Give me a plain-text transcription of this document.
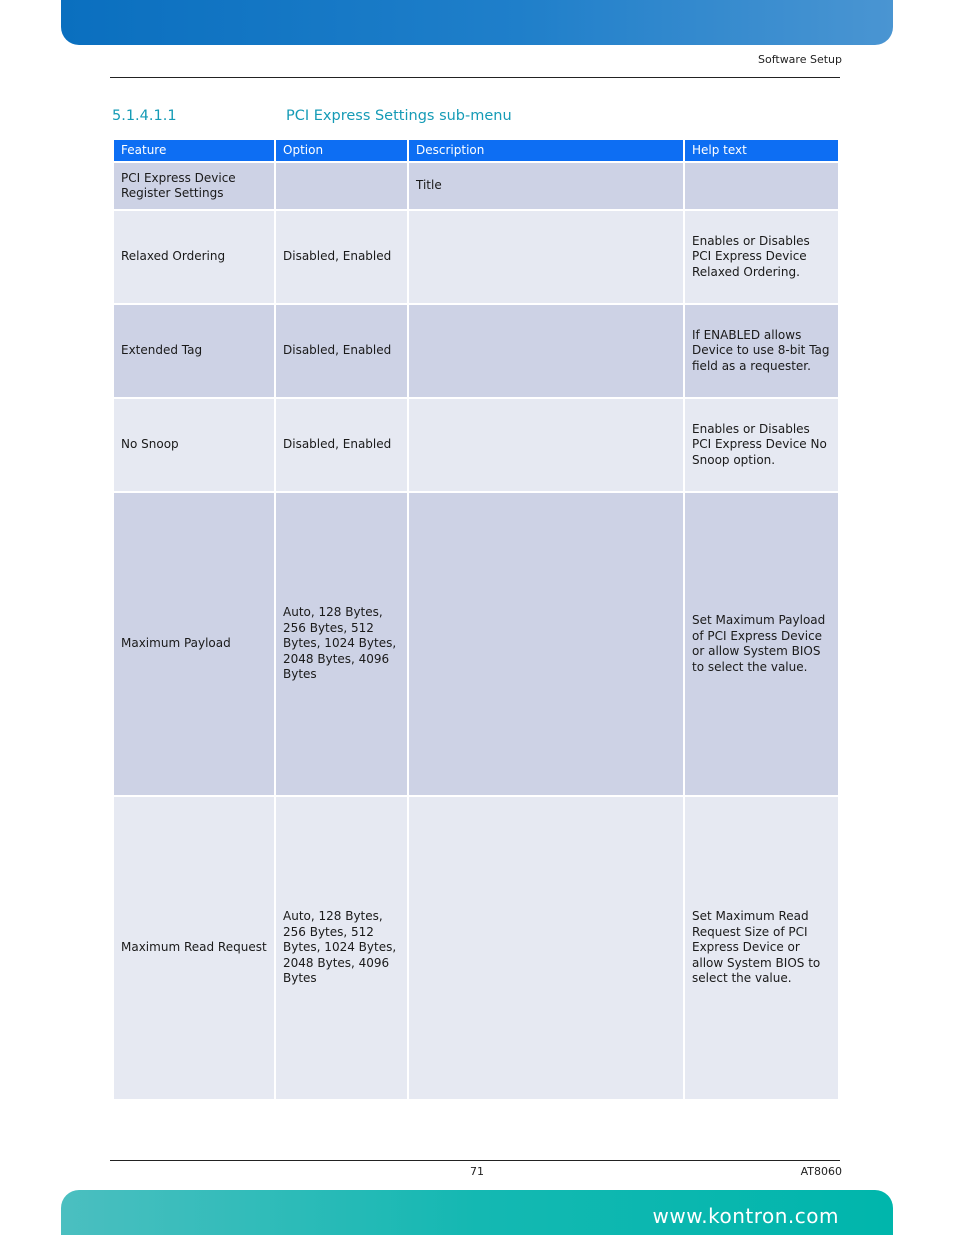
Software Setup
5.1.4.1.1	PCI Express Settings sub-menu
Feature	Option	Description	Help text
PCI Express Device Register Settings		Title	
Relaxed Ordering	Disabled, Enabled		Enables or Disables PCI Express Device Relaxed Ordering.
Extended Tag	Disabled, Enabled		If ENABLED allows Device to use 8-bit Tag field as a requester.
No Snoop	Disabled, Enabled		Enables or Disables PCI Express Device No Snoop option.
Maximum Payload	Auto, 128 Bytes, 256 Bytes, 512 Bytes, 1024 Bytes, 2048 Bytes, 4096 Bytes		Set Maximum Payload of PCI Express Device or allow System BIOS to select the value.
Maximum Read Request	Auto, 128 Bytes, 256 Bytes, 512 Bytes, 1024 Bytes, 2048 Bytes, 4096 Bytes		Set Maximum Read Request Size of PCI Express Device or allow System BIOS to select the value.
71	AT8060
www.kontron.com
